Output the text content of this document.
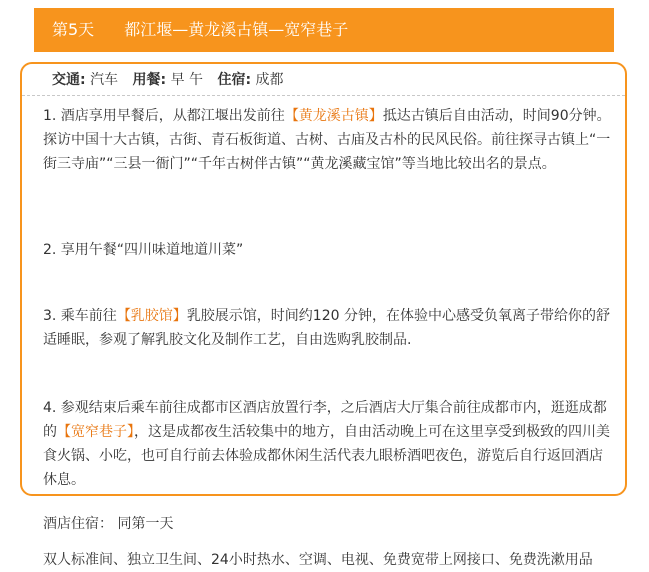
第5天 都江堰—黄龙溪古镇—宽窄巷子
交通: 汽车 用餐: 早 午 住宿: 成都

1. 酒店享用早餐后，从都江堰出发前往【黄龙溪古镇】抵达古镇后自由活动，时间90分钟。探访中国十大古镇，古街、青石板街道、古树、古庙及古朴的民风民俗。前往探寻古镇上“一街三寺庙”“三县一衙门”“千年古树伴古镇”“黄龙溪藏宝馆”等当地比较出名的景点。

2. 享用午餐“四川味道地道川菜”

3. 乘车前往【乳胶馆】乳胶展示馆，时间约120 分钟，在体验中心感受负氧离子带给你的舒适睡眠，参观了解乳胶文化及制作工艺，自由选购乳胶制品.

4. 参观结束后乘车前往成都市区酒店放置行李，之后酒店大厅集合前往成都市内，逛逛成都的【宽窄巷子】，这是成都夜生活较集中的地方，自由活动晚上可在这里享受到极致的四川美食火锅、小吃，也可自行前去体验成都休闲生活代表九眼桥酒吧夜色，游览后自行返回酒店休息。

酒店住宿： 同第一天

双人标准间、独立卫生间、24小时热水、空调、电视、免费宽带上网接口、免费洗漱用品
